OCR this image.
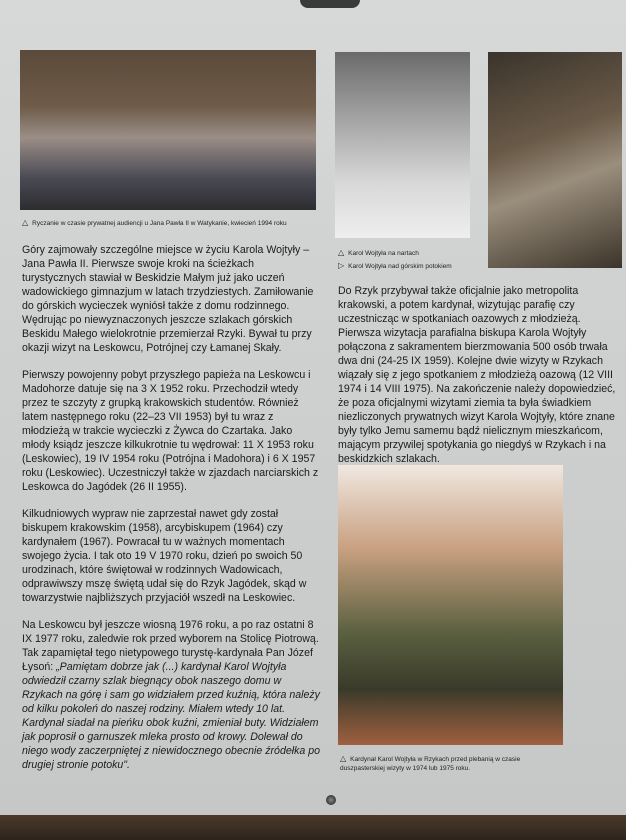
△ Ryczanie w czasie prywatnej audiencji u Jana Pawła II w Watykanie, kwiecień 1994 roku
△ Karol Wojtyła na nartach
▷ Karol Wojtyła nad górskim potokiem
△ Kardynał Karol Wojtyła w Rzykach przed plebanią w czasie duszpasterskiej wizyty w 1974 lub 1975 roku.

Góry zajmowały szczególne miejsce w życiu Karola Wojtyły – Jana Pawła II. Pierwsze swoje kroki na ścieżkach turystycznych stawiał w Beskidzie Małym już jako uczeń wadowickiego gimnazjum w latach trzydziestych. Zamiłowanie do górskich wycieczek wyniósł także z domu rodzinnego. Wędrując po niewyznaczonych jeszcze szlakach górskich Beskidu Małego wielokrotnie przemierzał Rzyki. Bywał tu przy okazji wizyt na Leskowcu, Potrójnej czy Łamanej Skały.

Pierwszy powojenny pobyt przyszłego papieża na Leskowcu i Madohorze datuje się na 3 X 1952 roku. Przechodził wtedy przez te szczyty z grupką krakowskich studentów. Również latem następnego roku (22–23 VII 1953) był tu wraz z młodzieżą w trakcie wycieczki z Żywca do Czartaka. Jako młody ksiądz jeszcze kilkukrotnie tu wędrował: 11 X 1953 roku (Leskowiec), 19 IV 1954 roku (Potrójna i Madohora) i 6 X 1957 roku (Leskowiec). Uczestniczył także w zjazdach narciarskich z Leskowca do Jagódek (26 II 1955).

Kilkudniowych wypraw nie zaprzestał nawet gdy został biskupem krakowskim (1958), arcybiskupem (1964) czy kardynałem (1967). Powracał tu w ważnych momentach swojego życia. I tak oto 19 V 1970 roku, dzień po swoich 50 urodzinach, które świętował w rodzinnych Wadowicach, odprawiwszy mszę świętą udał się do Rzyk Jagódek, skąd w towarzystwie najbliższych przyjaciół wszedł na Leskowiec.

Na Leskowcu był jeszcze wiosną 1976 roku, a po raz ostatni 8 IX 1977 roku, zaledwie rok przed wyborem na Stolicę Piotrową. Tak zapamiętał tego nietypowego turystę-kardynała Pan Józef Łysoń: „Pamiętam dobrze jak (...) kardynał Karol Wojtyła odwiedził czarny szlak biegnący obok naszego domu w Rzykach na górę i sam go widziałem przed kuźnią, która należy od kilku pokoleń do naszej rodziny. Miałem wtedy 10 lat. Kardynał siadał na pieńku obok kuźni, zmieniał buty. Widziałem jak poprosił o garnuszek mleka prosto od krowy. Dolewał do niego wody zaczerpniętej z niewidocznego obecnie źródełka po drugiej stronie potoku".

Do Rzyk przybywał także oficjalnie jako metropolita krakowski, a potem kardynał, wizytując parafię czy uczestnicząc w spotkaniach oazowych z młodzieżą. Pierwsza wizytacja parafialna biskupa Karola Wojtyły połączona z sakramentem bierzmowania 500 osób trwała dwa dni (24-25 IX 1959). Kolejne dwie wizyty w Rzykach wiązały się z jego spotkaniem z młodzieżą oazową (12 VIII 1974 i 14 VIII 1975). Na zakończenie należy dopowiedzieć, że poza oficjalnymi wizytami ziemia ta była świadkiem niezliczonych prywatnych wizyt Karola Wojtyły, które znane były tylko Jemu samemu bądź nielicznym mieszkańcom, mającym przywilej spotykania go niegdyś w Rzykach i na beskidzkich szlakach.
